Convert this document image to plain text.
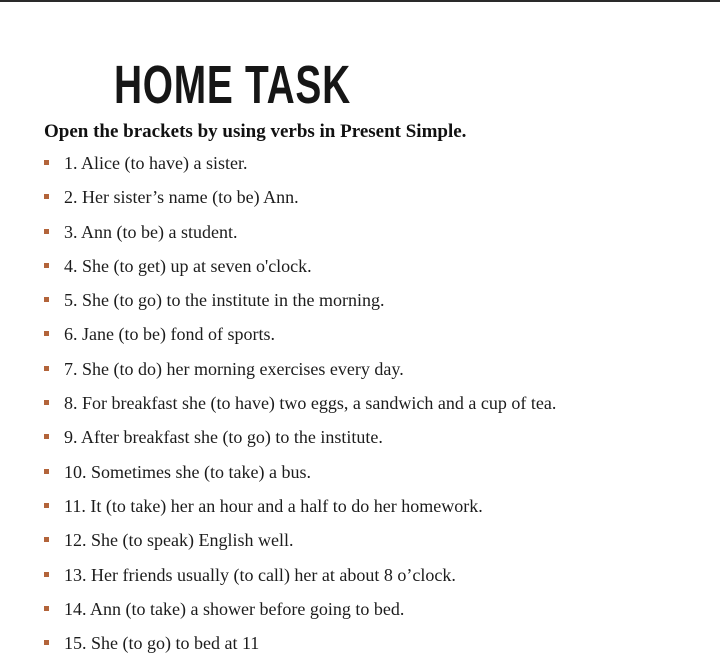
HOME TASK

Open the brackets by using verbs in Present Simple.

1. Alice (to have) a sister.
2. Her sister’s name (to be) Ann.
3. Ann (to be) a student.
4. She (to get) up at seven o'clock.
5. She (to go) to the institute in the morning.
6. Jane (to be) fond of sports.
7. She (to do) her morning exercises every day.
8. For breakfast she (to have) two eggs, a sandwich and a cup of tea.
9. After breakfast she (to go) to the institute.
10. Sometimes she (to take) a bus.
11. It (to take) her an hour and a half to do her homework.
12. She (to speak) English well.
13. Her friends usually (to call) her at about 8 o’clock.
14. Ann (to take) a shower before going to bed.
15. She (to go) to bed at 11
